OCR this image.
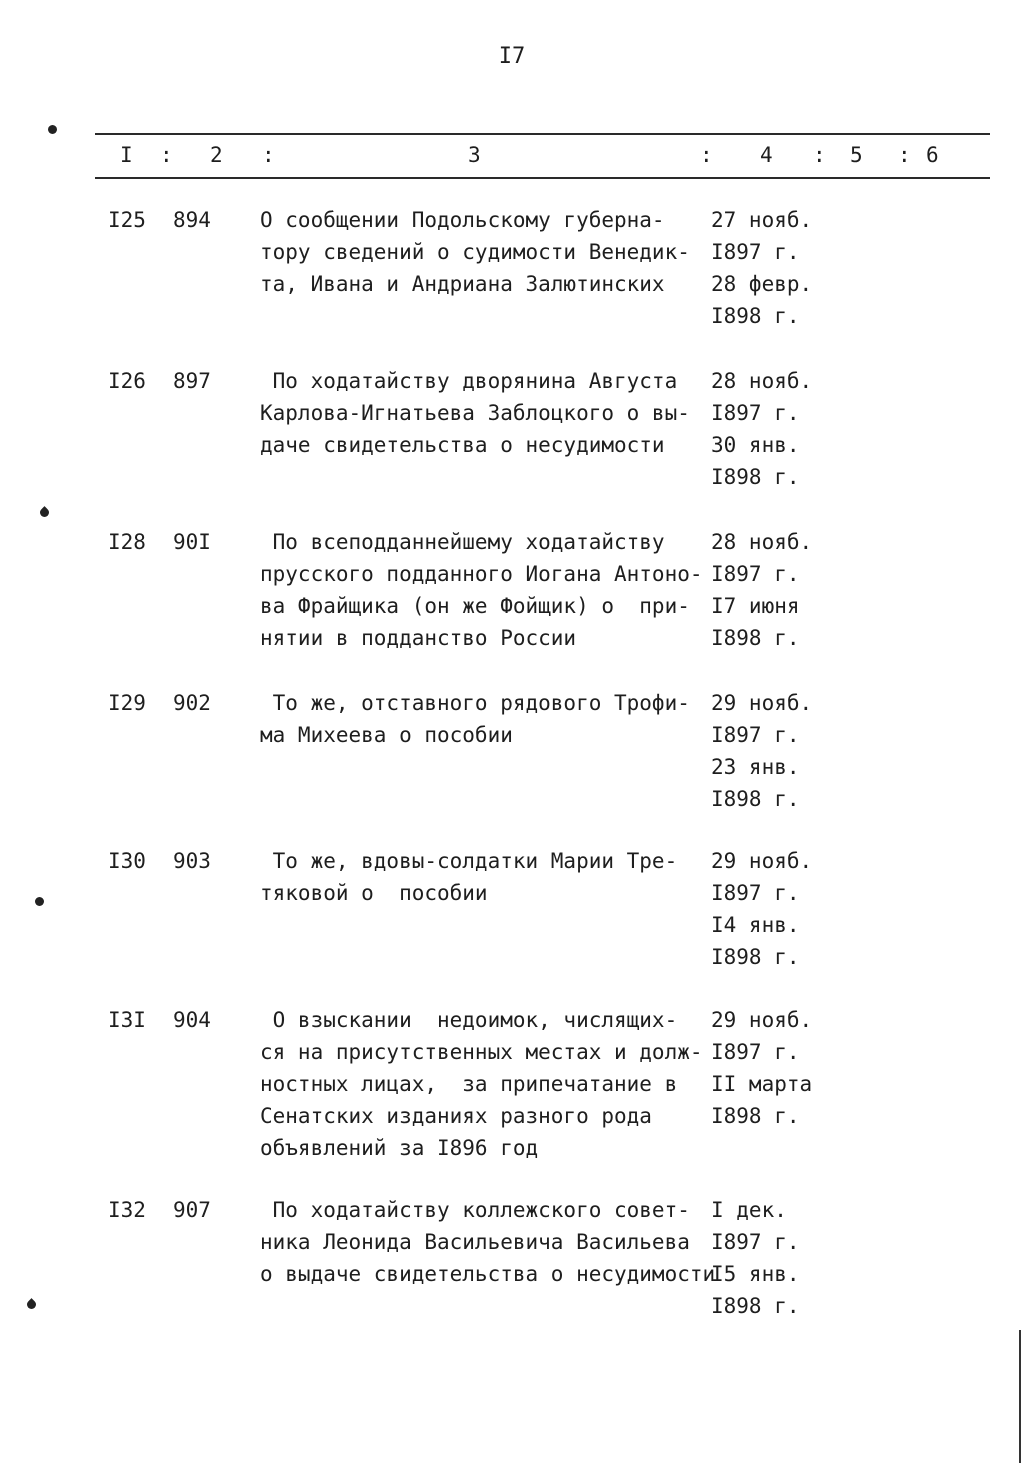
I7
I : 2 :	3	: 4 : 5 : 6
I25 894 О сообщении Подольскому губерна-
тору сведений о судимости Венедик-
та, Ивана и Андриана Залютинских
27 нояб.
I897 г.
28 февр.
I898 г.
I26 897 По ходатайству дворянина Августа
Карлова-Игнатьева Заблоцкого о вы-
даче свидетельства о несудимости
28 нояб.
I897 г.
30 янв.
I898 г.
I28 90I По всеподданнейшему ходатайству
прусского подданного Иогана Антоно-
ва Фрайщика (он же Фойщик) о  при-
нятии в подданство России
28 нояб.
I897 г.
I7 июня
I898 г.
I29 902 То же, отставного рядового Трофи-
ма Михеева о пособии
29 нояб.
I897 г.
23 янв.
I898 г.
I30 903 То же, вдовы-солдатки Марии Тре-
тяковой о  пособии
29 нояб.
I897 г.
I4 янв.
I898 г.
I3I 904 О взыскании  недоимок, числящих-
ся на присутственных местах и долж-
ностных лицах,  за припечатание в
Сенатских изданиях разного рода
объявлений за I896 год
29 нояб.
I897 г.
II марта
I898 г.
I32 907 По ходатайству коллежского совет-
ника Леонида Васильевича Васильева
о выдаче свидетельства о несудимости
I дек.
I897 г.
I5 янв.
I898 г.
